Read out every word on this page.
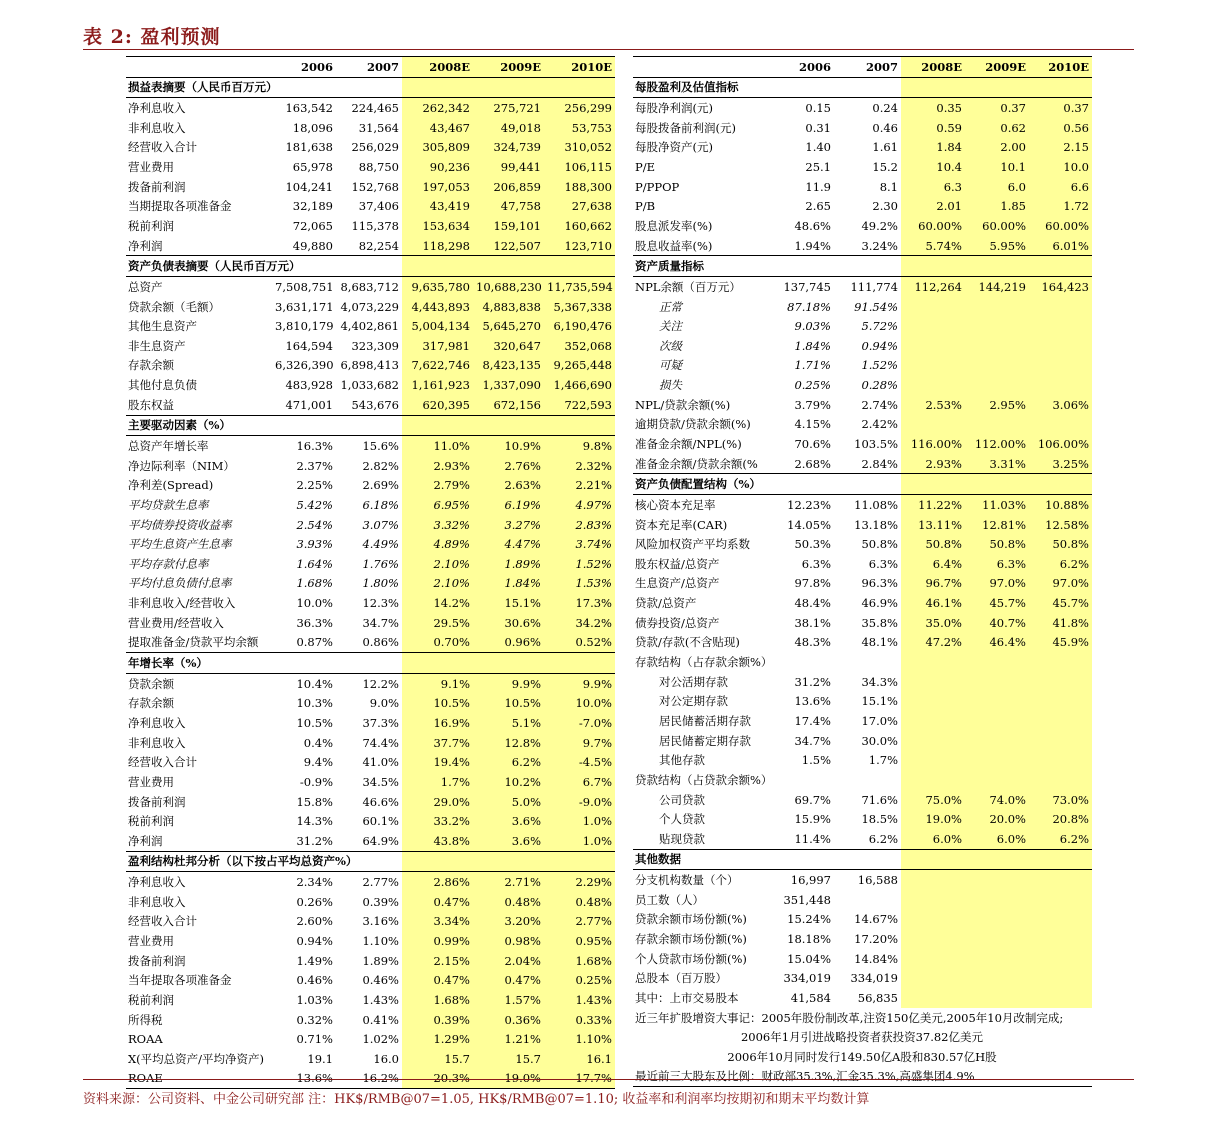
表 2: 盈利预测
	2006	2007	2008E	2009E	2010E
损益表摘要（人民币百万元）					
净利息收入	163,542	224,465	262,342	275,721	256,299
非利息收入	18,096	31,564	43,467	49,018	53,753
经营收入合计	181,638	256,029	305,809	324,739	310,052
营业费用	65,978	88,750	90,236	99,441	106,115
拨备前利润	104,241	152,768	197,053	206,859	188,300
当期提取各项准备金	32,189	37,406	43,419	47,758	27,638
税前利润	72,065	115,378	153,634	159,101	160,662
净利润	49,880	82,254	118,298	122,507	123,710
资产负债表摘要（人民币百万元）					
总资产	7,508,751	8,683,712	9,635,780	10,688,230	11,735,594
贷款余额（毛额）	3,631,171	4,073,229	4,443,893	4,883,838	5,367,338
其他生息资产	3,810,179	4,402,861	5,004,134	5,645,270	6,190,476
非生息资产	164,594	323,309	317,981	320,647	352,068
存款余额	6,326,390	6,898,413	7,622,746	8,423,135	9,265,448
其他付息负债	483,928	1,033,682	1,161,923	1,337,090	1,466,690
股东权益	471,001	543,676	620,395	672,156	722,593
主要驱动因素（%）					
总资产年增长率	16.3%	15.6%	11.0%	10.9%	9.8%
净边际利率（NIM）	2.37%	2.82%	2.93%	2.76%	2.32%
净利差(Spread)	2.25%	2.69%	2.79%	2.63%	2.21%
平均贷款生息率	5.42%	6.18%	6.95%	6.19%	4.97%
平均债券投资收益率	2.54%	3.07%	3.32%	3.27%	2.83%
平均生息资产生息率	3.93%	4.49%	4.89%	4.47%	3.74%
平均存款付息率	1.64%	1.76%	2.10%	1.89%	1.52%
平均付息负债付息率	1.68%	1.80%	2.10%	1.84%	1.53%
非利息收入/经营收入	10.0%	12.3%	14.2%	15.1%	17.3%
营业费用/经营收入	36.3%	34.7%	29.5%	30.6%	34.2%
提取准备金/贷款平均余额	0.87%	0.86%	0.70%	0.96%	0.52%
年增长率（%）					
贷款余额	10.4%	12.2%	9.1%	9.9%	9.9%
存款余额	10.3%	9.0%	10.5%	10.5%	10.0%
净利息收入	10.5%	37.3%	16.9%	5.1%	-7.0%
非利息收入	0.4%	74.4%	37.7%	12.8%	9.7%
经营收入合计	9.4%	41.0%	19.4%	6.2%	-4.5%
营业费用	-0.9%	34.5%	1.7%	10.2%	6.7%
拨备前利润	15.8%	46.6%	29.0%	5.0%	-9.0%
税前利润	14.3%	60.1%	33.2%	3.6%	1.0%
净利润	31.2%	64.9%	43.8%	3.6%	1.0%
盈利结构杜邦分析（以下按占平均总资产%）					
净利息收入	2.34%	2.77%	2.86%	2.71%	2.29%
非利息收入	0.26%	0.39%	0.47%	0.48%	0.48%
经营收入合计	2.60%	3.16%	3.34%	3.20%	2.77%
营业费用	0.94%	1.10%	0.99%	0.98%	0.95%
拨备前利润	1.49%	1.89%	2.15%	2.04%	1.68%
当年提取各项准备金	0.46%	0.46%	0.47%	0.47%	0.25%
税前利润	1.03%	1.43%	1.68%	1.57%	1.43%
所得税	0.32%	0.41%	0.39%	0.36%	0.33%
ROAA	0.71%	1.02%	1.29%	1.21%	1.10%
X(平均总资产/平均净资产)	19.1	16.0	15.7	15.7	16.1
ROAE	13.6%	16.2%	20.3%	19.0%	17.7%
	2006	2007	2008E	2009E	2010E
每股盈利及估值指标					
每股净利润(元)	0.15	0.24	0.35	0.37	0.37
每股拨备前利润(元)	0.31	0.46	0.59	0.62	0.56
每股净资产(元)	1.40	1.61	1.84	2.00	2.15
P/E	25.1	15.2	10.4	10.1	10.0
P/PPOP	11.9	8.1	6.3	6.0	6.6
P/B	2.65	2.30	2.01	1.85	1.72
股息派发率(%)	48.6%	49.2%	60.00%	60.00%	60.00%
股息收益率(%)	1.94%	3.24%	5.74%	5.95%	6.01%
资产质量指标					
NPL余额（百万元）	137,745	111,774	112,264	144,219	164,423
正常	87.18%	91.54%			
关注	9.03%	5.72%			
次级	1.84%	0.94%			
可疑	1.71%	1.52%			
损失	0.25%	0.28%			
NPL/贷款余额(%)	3.79%	2.74%	2.53%	2.95%	3.06%
逾期贷款/贷款余额(%)	4.15%	2.42%			
准备金余额/NPL(%)	70.6%	103.5%	116.00%	112.00%	106.00%
准备金余额/贷款余额(%	2.68%	2.84%	2.93%	3.31%	3.25%
资产负债配置结构（%）					
核心资本充足率	12.23%	11.08%	11.22%	11.03%	10.88%
资本充足率(CAR)	14.05%	13.18%	13.11%	12.81%	12.58%
风险加权资产平均系数	50.3%	50.8%	50.8%	50.8%	50.8%
股东权益/总资产	6.3%	6.3%	6.4%	6.3%	6.2%
生息资产/总资产	97.8%	96.3%	96.7%	97.0%	97.0%
贷款/总资产	48.4%	46.9%	46.1%	45.7%	45.7%
债券投资/总资产	38.1%	35.8%	35.0%	40.7%	41.8%
贷款/存款(不含贴现)	48.3%	48.1%	47.2%	46.4%	45.9%
存款结构（占存款余额%）					
对公活期存款	31.2%	34.3%			
对公定期存款	13.6%	15.1%			
居民储蓄活期存款	17.4%	17.0%			
居民储蓄定期存款	34.7%	30.0%			
其他存款	1.5%	1.7%			
贷款结构（占贷款余额%）					
公司贷款	69.7%	71.6%	75.0%	74.0%	73.0%
个人贷款	15.9%	18.5%	19.0%	20.0%	20.8%
贴现贷款	11.4%	6.2%	6.0%	6.0%	6.2%
其他数据					
分支机构数量（个）	16,997	16,588			
员工数（人）	351,448				
贷款余额市场份额(%)	15.24%	14.67%			
存款余额市场份额(%)	18.18%	17.20%			
个人贷款市场份额(%)	15.04%	14.84%			
总股本（百万股）	334,019	334,019			
其中：上市交易股本	41,584	56,835			
近三年扩股增资大事记：2005年股份制改革,注资150亿美元,2005年10月改制完成;					
2006年1月引进战略投资者获投资37.82亿美元					
2006年10月同时发行149.50亿A股和830.57亿H股					
最近前三大股东及比例：财政部35.3%,汇金35.3%,高盛集团4.9%					
资料来源：公司资料、中金公司研究部 注：HK$/RMB@07=1.05, HK$/RMB@07=1.10; 收益率和利润率均按期初和期末平均数计算
